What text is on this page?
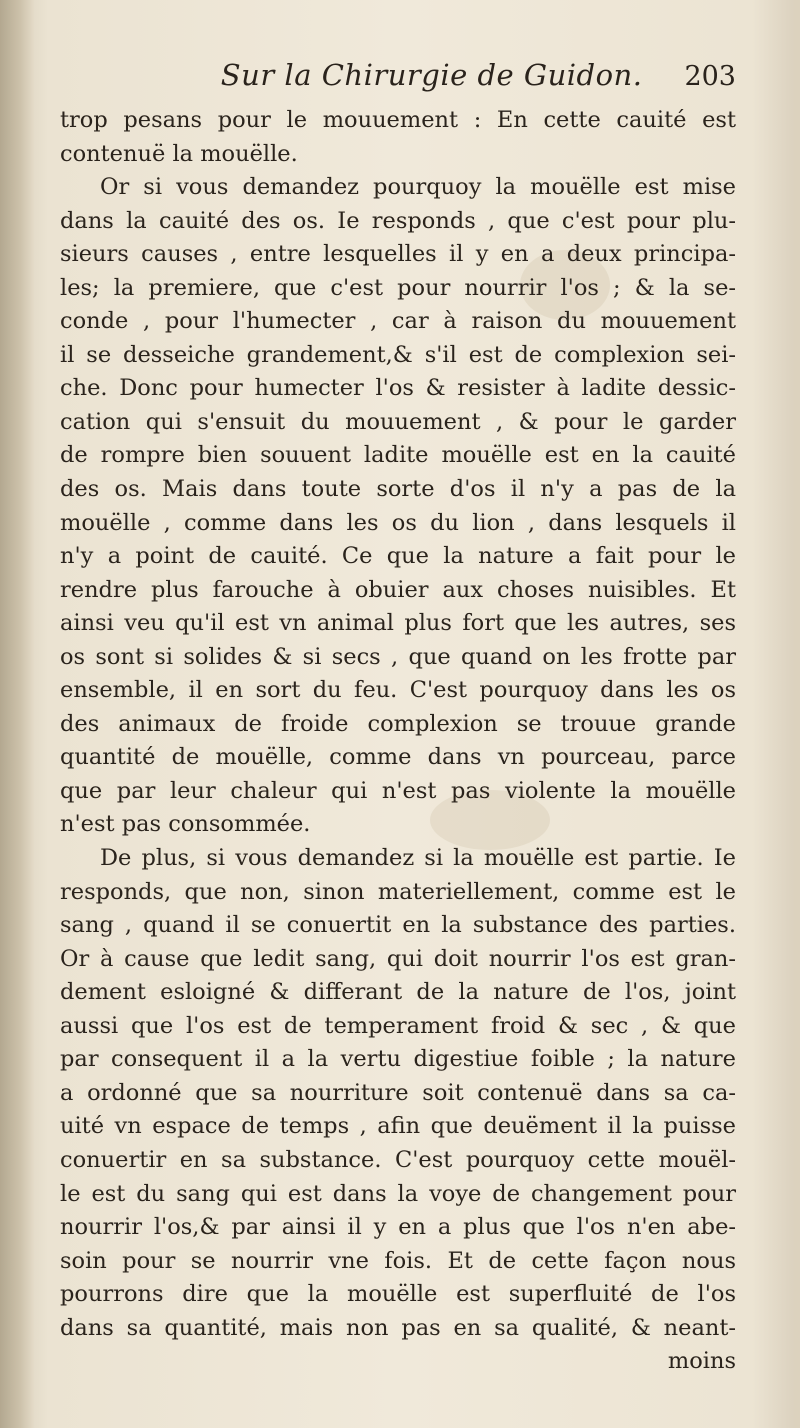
Sur la Chirurgie de Guidon. 203
trop pesans pour le mouuement : En cette cauité est
contenuë la mouëlle.
Or si vous demandez pourquoy la mouëlle est mise
dans la cauité des os. Ie responds , que c'est pour plu-
sieurs causes , entre lesquelles il y en a deux principa-
les; la premiere, que c'est pour nourrir l'os ; & la se-
conde , pour l'humecter , car à raison du mouuement
il se desseiche grandement,& s'il est de complexion sei-
che. Donc pour humecter l'os & resister à ladite dessic-
cation qui s'ensuit du mouuement , & pour le garder
de rompre bien souuent ladite mouëlle est en la cauité
des os. Mais dans toute sorte d'os il n'y a pas de la
mouëlle , comme dans les os du lion , dans lesquels il
n'y a point de cauité. Ce que la nature a fait pour le
rendre plus farouche à obuier aux choses nuisibles. Et
ainsi veu qu'il est vn animal plus fort que les autres, ses
os sont si solides & si secs , que quand on les frotte par
ensemble, il en sort du feu. C'est pourquoy dans les os
des animaux de froide complexion se trouue grande
quantité de mouëlle, comme dans vn pourceau, parce
que par leur chaleur qui n'est pas violente la mouëlle
n'est pas consommée.
De plus, si vous demandez si la mouëlle est partie. Ie
responds, que non, sinon materiellement, comme est le
sang , quand il se conuertit en la substance des parties.
Or à cause que ledit sang, qui doit nourrir l'os est gran-
dement esloigné & differant de la nature de l'os, joint
aussi que l'os est de temperament froid & sec , & que
par consequent il a la vertu digestiue foible ; la nature
a ordonné que sa nourriture soit contenuë dans sa ca-
uité vn espace de temps , afin que deuëment il la puisse
conuertir en sa substance. C'est pourquoy cette mouël-
le est du sang qui est dans la voye de changement pour
nourrir l'os,& par ainsi il y en a plus que l'os n'en abe-
soin pour se nourrir vne fois. Et de cette façon nous
pourrons dire que la mouëlle est superfluité de l'os
dans sa quantité, mais non pas en sa qualité, & neant-
moins
